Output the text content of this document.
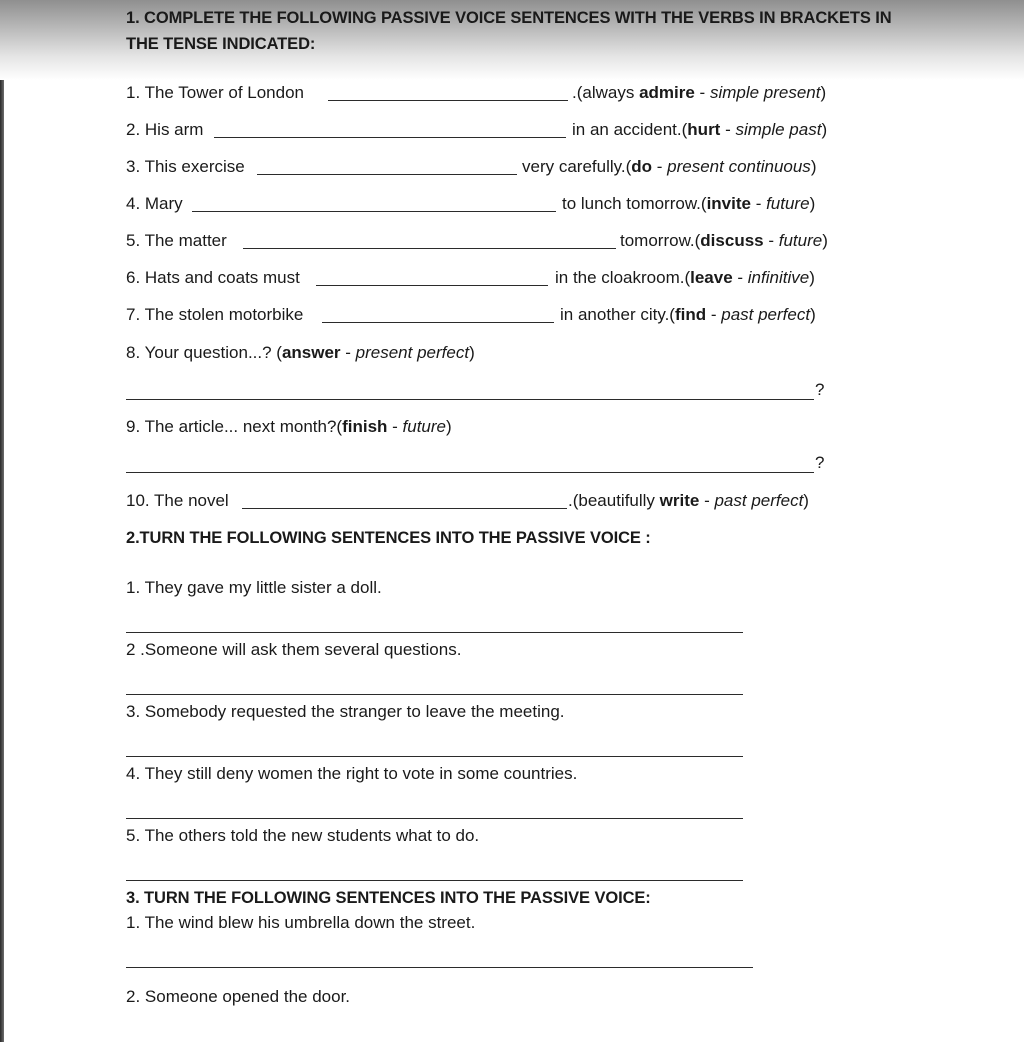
1. COMPLETE THE FOLLOWING PASSIVE VOICE SENTENCES WITH THE VERBS IN BRACKETS IN
THE TENSE INDICATED:
1. The Tower of London	.(always admire - simple present)
2. His arm	in an accident.(hurt - simple past)
3. This exercise	very carefully.(do - present continuous)
4. Mary	to lunch tomorrow.(invite - future)
5. The matter	tomorrow.(discuss - future)
6. Hats and coats must	in the cloakroom.(leave - infinitive)
7. The stolen motorbike	in another city.(find - past perfect)
8. Your question...? (answer - present perfect)
?
9. The article... next month?(finish - future)
?
10. The novel	.(beautifully write - past perfect)
2.TURN THE FOLLOWING SENTENCES INTO THE PASSIVE VOICE :
1. They gave my little sister a doll.
2 .Someone will ask them several questions.
3. Somebody requested the stranger to leave the meeting.
4. They still deny women the right to vote in some countries.
5. The others told the new students what to do.
3. TURN THE FOLLOWING SENTENCES INTO THE PASSIVE VOICE:
1. The wind blew his umbrella down the street.
2. Someone opened the door.
